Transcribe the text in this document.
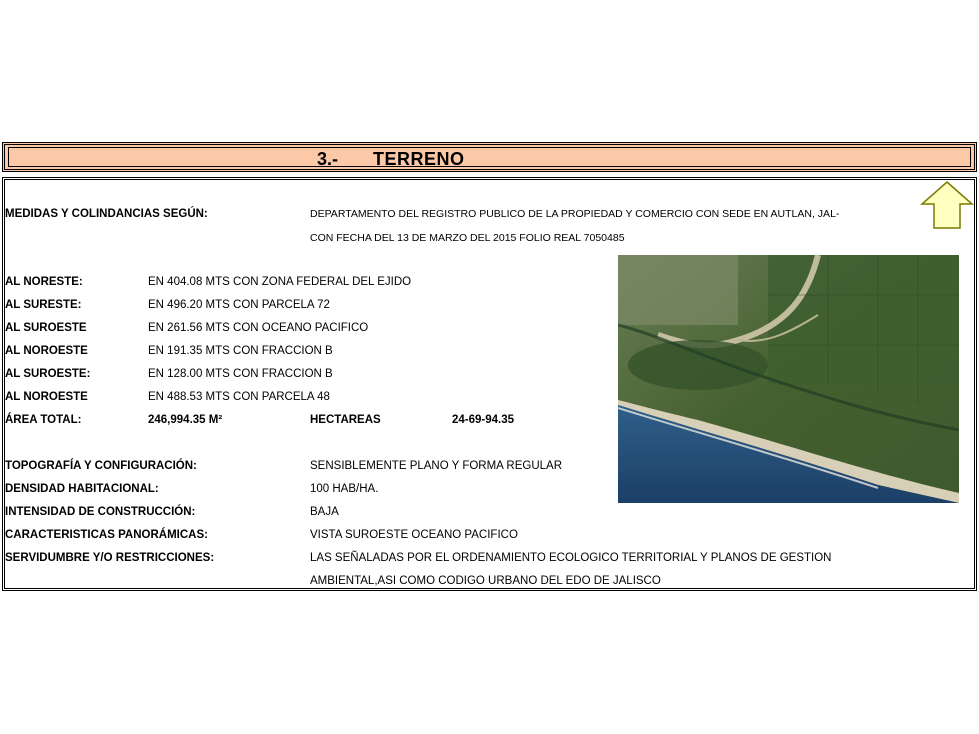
3.- TERRENO
MEDIDAS Y COLINDANCIAS SEGÚN:	DEPARTAMENTO DEL REGISTRO PUBLICO DE LA PROPIEDAD Y COMERCIO CON SEDE EN AUTLAN, JAL-
CON FECHA DEL 13 DE MARZO DEL 2015 FOLIO REAL 7050485
AL NORESTE:	EN 404.08 MTS CON ZONA FEDERAL DEL EJIDO
AL SURESTE:	EN 496.20 MTS CON PARCELA 72
AL SUROESTE	EN 261.56 MTS CON OCEANO PACIFICO
AL NOROESTE	EN 191.35 MTS CON FRACCION B
AL SUROESTE:	EN 128.00 MTS CON FRACCION B
AL NOROESTE	EN 488.53 MTS CON PARCELA 48
ÁREA TOTAL:	246,994.35 M²	HECTAREAS	24-69-94.35
TOPOGRAFÍA Y CONFIGURACIÓN:	SENSIBLEMENTE PLANO Y FORMA REGULAR
DENSIDAD HABITACIONAL:	100 HAB/HA.
INTENSIDAD DE CONSTRUCCIÓN:	BAJA
CARACTERISTICAS PANORÁMICAS:	VISTA SUROESTE OCEANO PACIFICO
SERVIDUMBRE Y/O RESTRICCIONES:	LAS SEÑALADAS POR EL ORDENAMIENTO ECOLOGICO TERRITORIAL Y PLANOS DE GESTION
AMBIENTAL,ASI COMO CODIGO URBANO DEL EDO DE JALISCO
